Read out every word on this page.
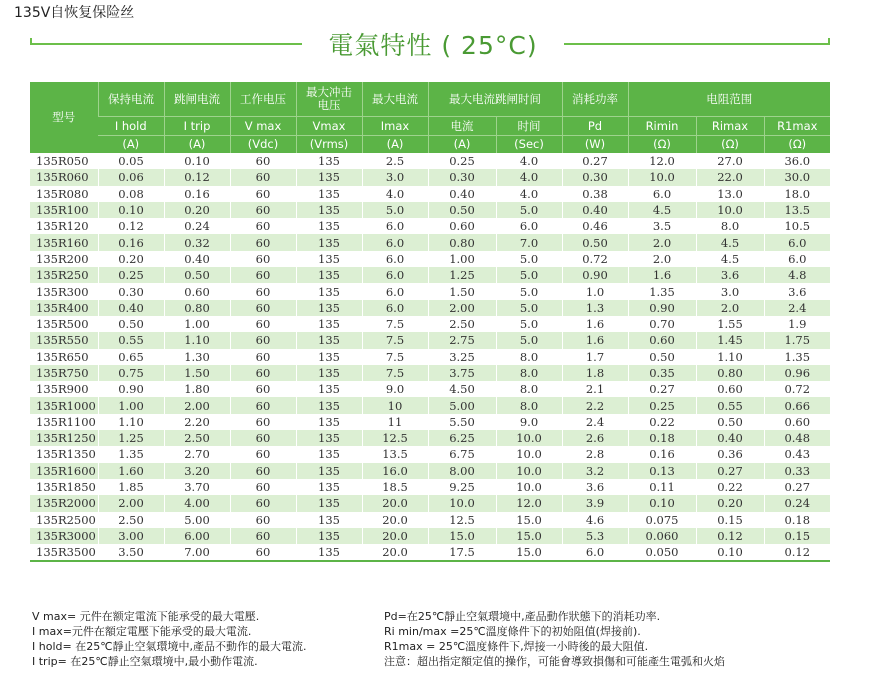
135V自恢复保险丝
電氣特性 ( 25°C)
型号	保持电流	跳闸电流	工作电压	最大冲击电压	最大电流	最大电流跳闸时间		消耗功率	电阻范围		
	I hold	I trip	V max	Vmax	Imax	电流	时间	Pd	Rimin	Rimax	R1max
	(A)	(A)	(Vdc)	(Vrms)	(A)	(A)	(Sec)	(W)	(Ω)	(Ω)	(Ω)
135R050	0.05	0.10	60	135	2.5	0.25	4.0	0.27	12.0	27.0	36.0
135R060	0.06	0.12	60	135	3.0	0.30	4.0	0.30	10.0	22.0	30.0
135R080	0.08	0.16	60	135	4.0	0.40	4.0	0.38	6.0	13.0	18.0
135R100	0.10	0.20	60	135	5.0	0.50	5.0	0.40	4.5	10.0	13.5
135R120	0.12	0.24	60	135	6.0	0.60	6.0	0.46	3.5	8.0	10.5
135R160	0.16	0.32	60	135	6.0	0.80	7.0	0.50	2.0	4.5	6.0
135R200	0.20	0.40	60	135	6.0	1.00	5.0	0.72	2.0	4.5	6.0
135R250	0.25	0.50	60	135	6.0	1.25	5.0	0.90	1.6	3.6	4.8
135R300	0.30	0.60	60	135	6.0	1.50	5.0	1.0	1.35	3.0	3.6
135R400	0.40	0.80	60	135	6.0	2.00	5.0	1.3	0.90	2.0	2.4
135R500	0.50	1.00	60	135	7.5	2.50	5.0	1.6	0.70	1.55	1.9
135R550	0.55	1.10	60	135	7.5	2.75	5.0	1.6	0.60	1.45	1.75
135R650	0.65	1.30	60	135	7.5	3.25	8.0	1.7	0.50	1.10	1.35
135R750	0.75	1.50	60	135	7.5	3.75	8.0	1.8	0.35	0.80	0.96
135R900	0.90	1.80	60	135	9.0	4.50	8.0	2.1	0.27	0.60	0.72
135R1000	1.00	2.00	60	135	10	5.00	8.0	2.2	0.25	0.55	0.66
135R1100	1.10	2.20	60	135	11	5.50	9.0	2.4	0.22	0.50	0.60
135R1250	1.25	2.50	60	135	12.5	6.25	10.0	2.6	0.18	0.40	0.48
135R1350	1.35	2.70	60	135	13.5	6.75	10.0	2.8	0.16	0.36	0.43
135R1600	1.60	3.20	60	135	16.0	8.00	10.0	3.2	0.13	0.27	0.33
135R1850	1.85	3.70	60	135	18.5	9.25	10.0	3.6	0.11	0.22	0.27
135R2000	2.00	4.00	60	135	20.0	10.0	12.0	3.9	0.10	0.20	0.24
135R2500	2.50	5.00	60	135	20.0	12.5	15.0	4.6	0.075	0.15	0.18
135R3000	3.00	6.00	60	135	20.0	15.0	15.0	5.3	0.060	0.12	0.15
135R3500	3.50	7.00	60	135	20.0	17.5	15.0	6.0	0.050	0.10	0.12
V max= 元件在额定電流下能承受的最大電壓.
I max=元件在額定電壓下能承受的最大電流.
I hold= 在25℃靜止空氣環境中,產品不動作的最大電流.
I trip= 在25℃靜止空氣環境中,最小動作電流.
Pd=在25℃靜止空氣環境中,產品動作狀態下的消耗功率.
Ri min/max =25℃溫度條件下的初始阻值(焊接前).
R1max = 25℃溫度條件下,焊接一小時後的最大阻值.
注意：超出指定額定值的操作，可能會導致損傷和可能產生電弧和火焰
